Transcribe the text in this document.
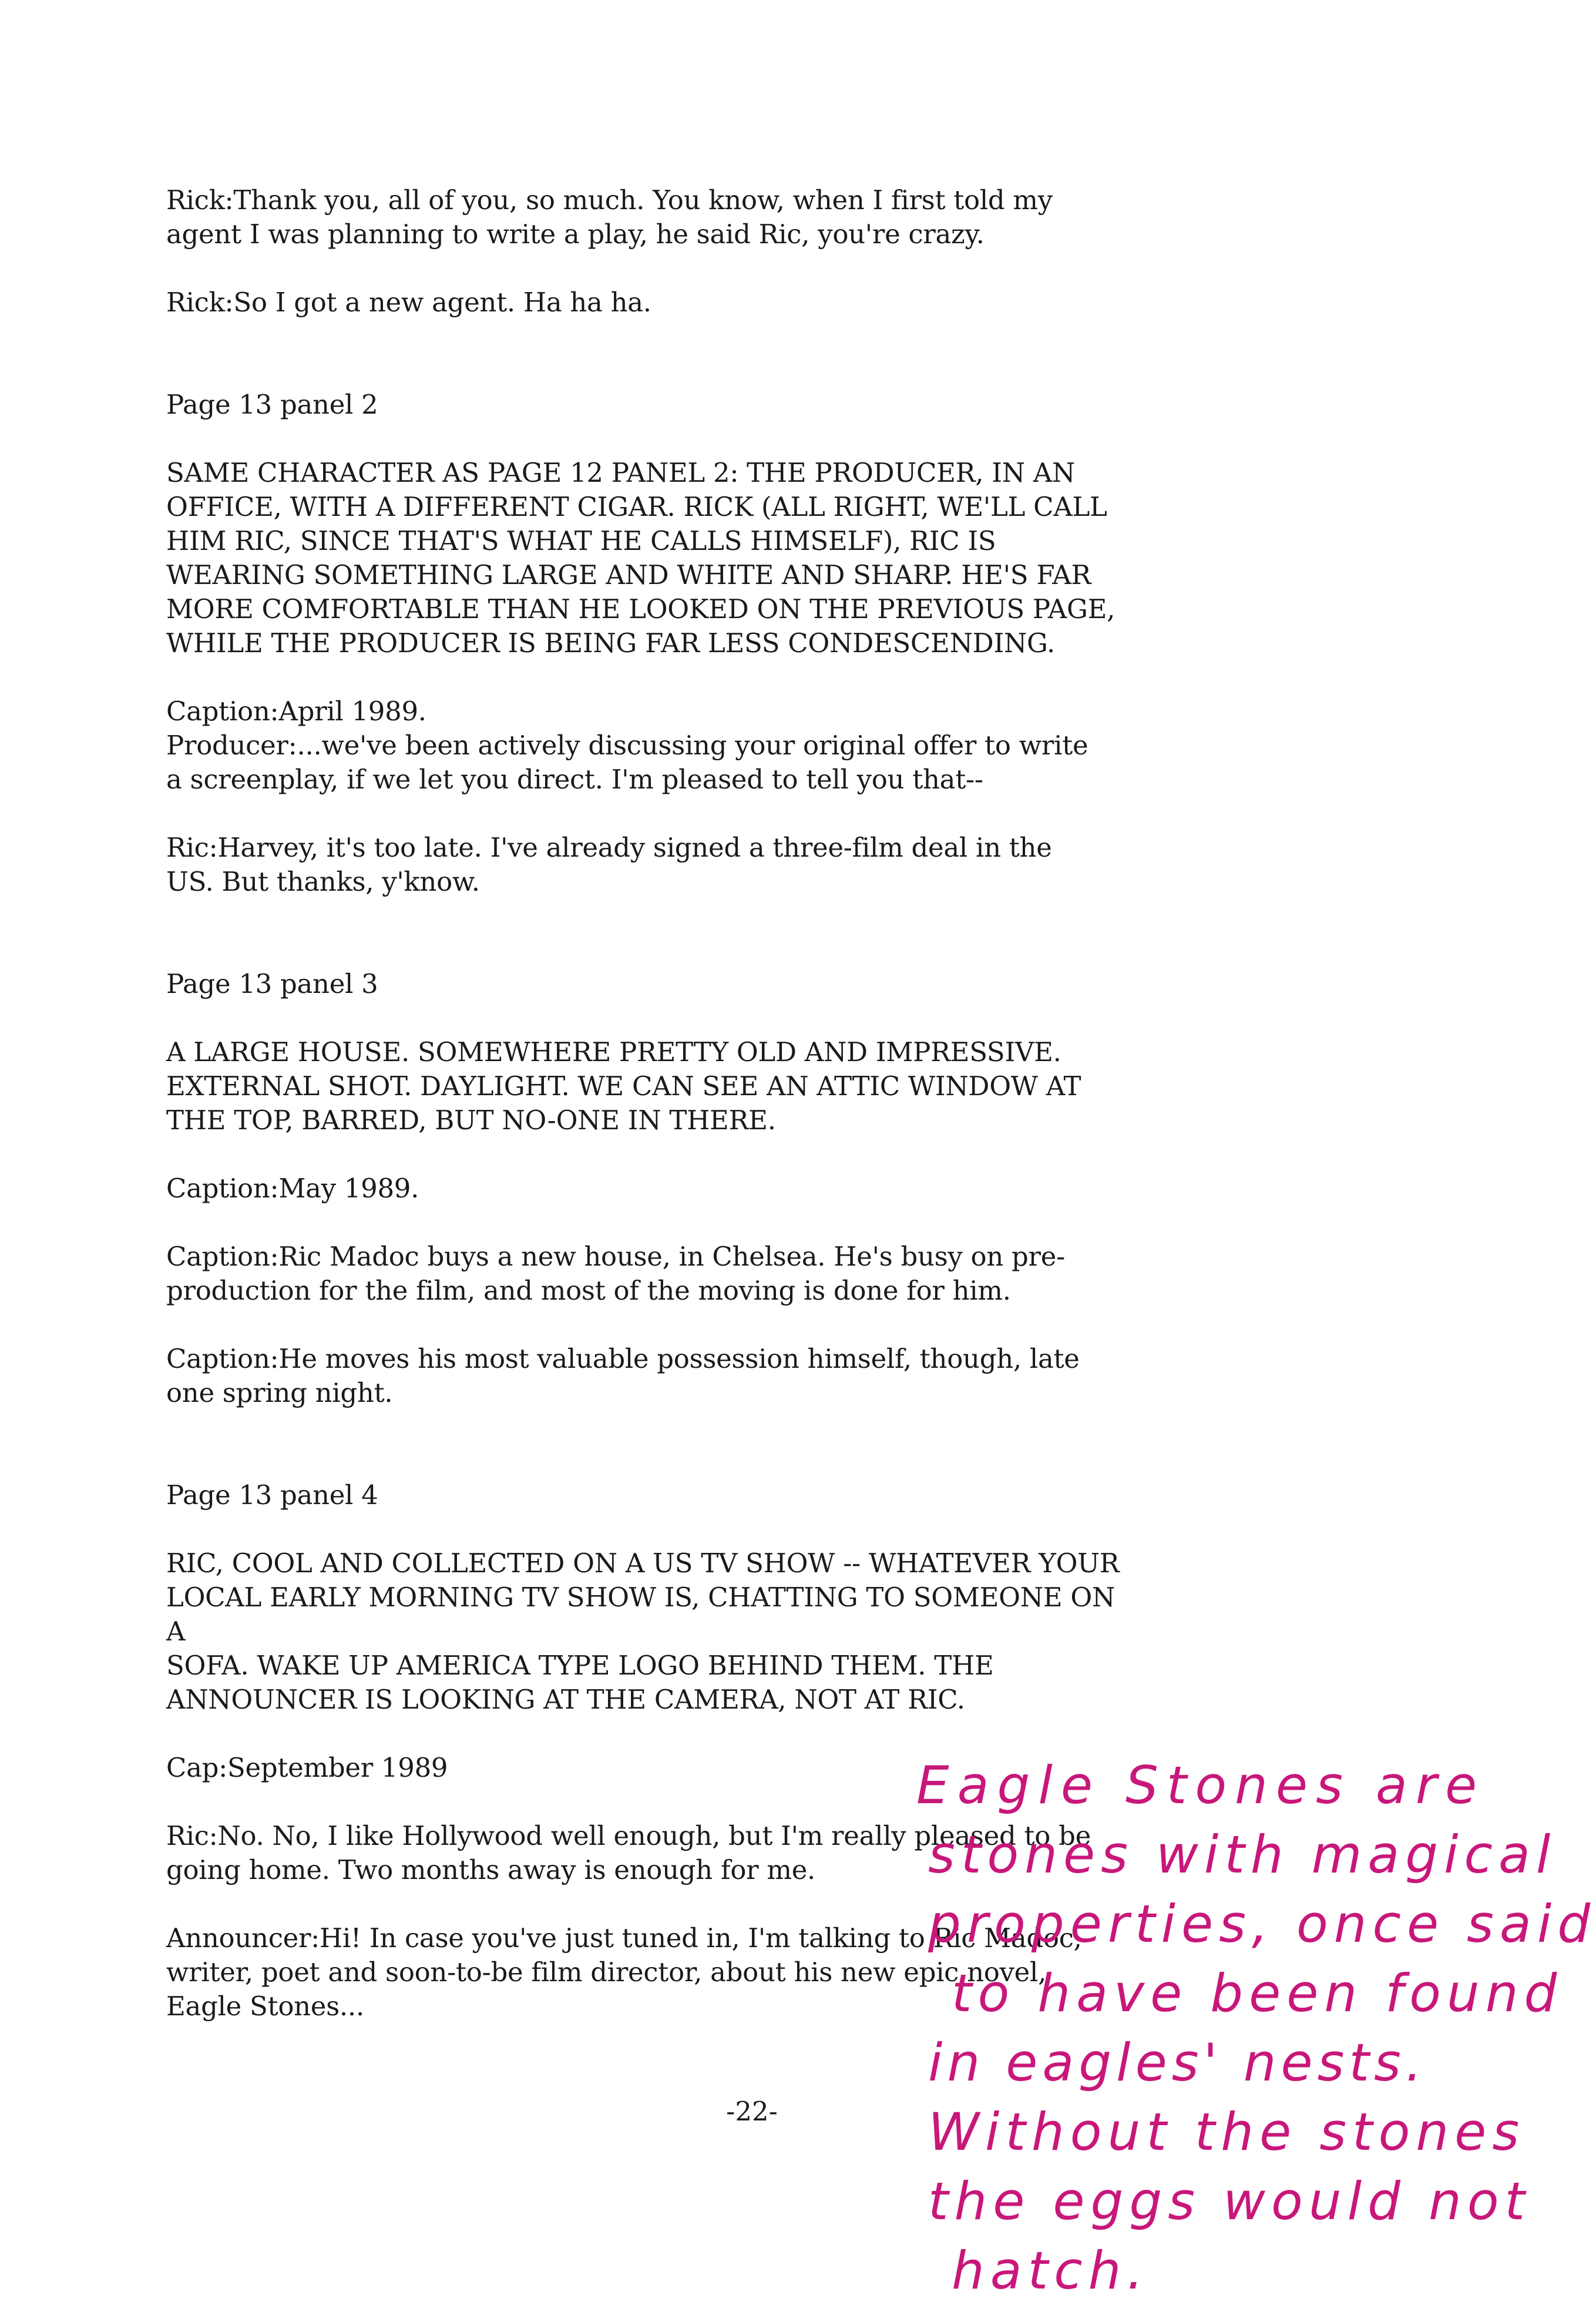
Rick:Thank you, all of you, so much. You know, when I first told my
agent I was planning to write a play, he said Ric, you're crazy.
Rick:So I got a new agent. Ha ha ha.
Page 13 panel 2
SAME CHARACTER AS PAGE 12 PANEL 2: THE PRODUCER, IN AN
OFFICE, WITH A DIFFERENT CIGAR. RICK (ALL RIGHT, WE'LL CALL
HIM RIC, SINCE THAT'S WHAT HE CALLS HIMSELF), RIC IS
WEARING SOMETHING LARGE AND WHITE AND SHARP. HE'S FAR
MORE COMFORTABLE THAN HE LOOKED ON THE PREVIOUS PAGE,
WHILE THE PRODUCER IS BEING FAR LESS CONDESCENDING.
Caption:April 1989.
Producer:...we've been actively discussing your original offer to write
a screenplay, if we let you direct. I'm pleased to tell you that--
Ric:Harvey, it's too late. I've already signed a three-film deal in the
US. But thanks, y'know.
Page 13 panel 3
A LARGE HOUSE. SOMEWHERE PRETTY OLD AND IMPRESSIVE.
EXTERNAL SHOT. DAYLIGHT. WE CAN SEE AN ATTIC WINDOW AT
THE TOP, BARRED, BUT NO-ONE IN THERE.
Caption:May 1989.
Caption:Ric Madoc buys a new house, in Chelsea. He's busy on pre-
production for the film, and most of the moving is done for him.
Caption:He moves his most valuable possession himself, though, late
one spring night.
Page 13 panel 4
RIC, COOL AND COLLECTED ON A US TV SHOW -- WHATEVER YOUR
LOCAL EARLY MORNING TV SHOW IS, CHATTING TO SOMEONE ON A
SOFA. WAKE UP AMERICA TYPE LOGO BEHIND THEM. THE
ANNOUNCER IS LOOKING AT THE CAMERA, NOT AT RIC.
Cap:September 1989
Ric:No. No, I like Hollywood well enough, but I'm really pleased to be
going home. Two months away is enough for me.
Announcer:Hi! In case you've just tuned in, I'm talking to Ric Madoc,
writer, poet and soon-to-be film director, about his new epic novel,
Eagle Stones...
-22-
Eagle Stones are
stones with magical
properties, once said
to have been found
in eagles' nests.
Without the stones
the eggs would not
hatch.
